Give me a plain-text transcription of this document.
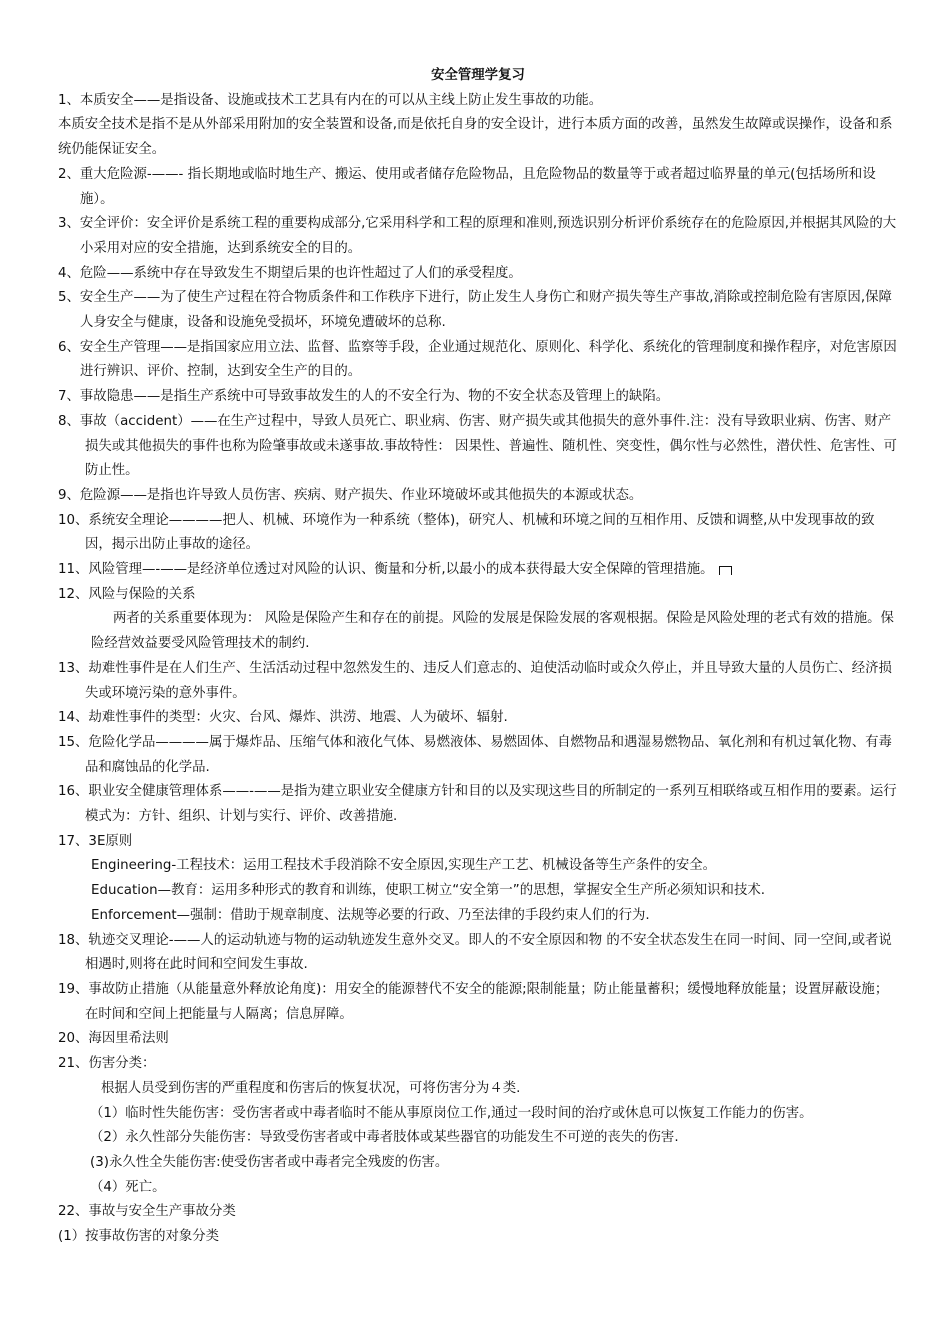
安全管理学复习

1、本质安全——是指设备、设施或技术工艺具有内在的可以从主线上防止发生事故的功能。

本质安全技术是指不是从外部采用附加的安全装置和设备,而是依托自身的安全设计，进行本质方面的改善，虽然发生故障或误操作，设备和系统仍能保证安全。

2、重大危险源-——- 指长期地或临时地生产、搬运、使用或者储存危险物品，且危险物品的数量等于或者超过临界量的单元(包括场所和设施）。

3、安全评价：安全评价是系统工程的重要构成部分,它采用科学和工程的原理和准则,预选识别分析评价系统存在的危险原因,并根据其风险的大小采用对应的安全措施，达到系统安全的目的。

4、危险——系统中存在导致发生不期望后果的也许性超过了人们的承受程度。

5、安全生产——为了使生产过程在符合物质条件和工作秩序下进行，防止发生人身伤亡和财产损失等生产事故,消除或控制危险有害原因,保障人身安全与健康，设备和设施免受损坏，环境免遭破坏的总称.

6、安全生产管理——是指国家应用立法、监督、监察等手段，企业通过规范化、原则化、科学化、系统化的管理制度和操作程序，对危害原因进行辨识、评价、控制，达到安全生产的目的。

7、事故隐患——是指生产系统中可导致事故发生的人的不安全行为、物的不安全状态及管理上的缺陷。

8、事故（accident）——在生产过程中，导致人员死亡、职业病、伤害、财产损失或其他损失的意外事件.注：没有导致职业病、伤害、财产损失或其他损失的事件也称为险肇事故或未遂事故.事故特性： 因果性、普遍性、随机性、突变性，偶尔性与必然性，潜伏性、危害性、可防止性。

9、危险源——是指也许导致人员伤害、疾病、财产损失、作业环境破坏或其他损失的本源或状态。

10、系统安全理论————把人、机械、环境作为一种系统（整体)，研究人、机械和环境之间的互相作用、反馈和调整,从中发现事故的致因，揭示出防止事故的途径。

11、风险管理—-——是经济单位透过对风险的认识、衡量和分析,以最小的成本获得最大安全保障的管理措施。

12、风险与保险的关系

两者的关系重要体现为： 风险是保险产生和存在的前提。风险的发展是保险发展的客观根据。保险是风险处理的老式有效的措施。保险经营效益要受风险管理技术的制约.

13、劫难性事件是在人们生产、生活活动过程中忽然发生的、违反人们意志的、迫使活动临时或众久停止，并且导致大量的人员伤亡、经济损失或环境污染的意外事件。

14、劫难性事件的类型：火灾、台风、爆炸、洪涝、地震、人为破坏、辐射.

15、危险化学品————属于爆炸品、压缩气体和液化气体、易燃液体、易燃固体、自燃物品和遇湿易燃物品、氧化剂和有机过氧化物、有毒品和腐蚀品的化学品.

16、职业安全健康管理体系——-——是指为建立职业安全健康方针和目的以及实现这些目的所制定的一系列互相联络或互相作用的要素。运行模式为：方针、组织、计划与实行、评价、改善措施.

17、3E原则

Engineering-工程技术：运用工程技术手段消除不安全原因,实现生产工艺、机械设备等生产条件的安全。

Education—教育：运用多种形式的教育和训练，使职工树立“安全第一”的思想，掌握安全生产所必须知识和技术.

Enforcement—强制：借助于规章制度、法规等必要的行政、乃至法律的手段约束人们的行为.

18、轨迹交叉理论-——人的运动轨迹与物的运动轨迹发生意外交叉。即人的不安全原因和物 的不安全状态发生在同一时间、同一空间,或者说相遇时,则将在此时间和空间发生事故.

19、事故防止措施（从能量意外释放论角度)：用安全的能源替代不安全的能源;限制能量；防止能量蓄积；缓慢地释放能量；设置屏蔽设施；在时间和空间上把能量与人隔离；信息屏障。

20、海因里希法则

21、伤害分类：

根据人员受到伤害的严重程度和伤害后的恢复状况，可将伤害分为４类.

（1）临时性失能伤害：受伤害者或中毒者临时不能从事原岗位工作,通过一段时间的治疗或休息可以恢复工作能力的伤害。

（2）永久性部分失能伤害：导致受伤害者或中毒者肢体或某些器官的功能发生不可逆的丧失的伤害.

(3)永久性全失能伤害:使受伤害者或中毒者完全残废的伤害。

（4）死亡。

22、事故与安全生产事故分类

(1）按事故伤害的对象分类
